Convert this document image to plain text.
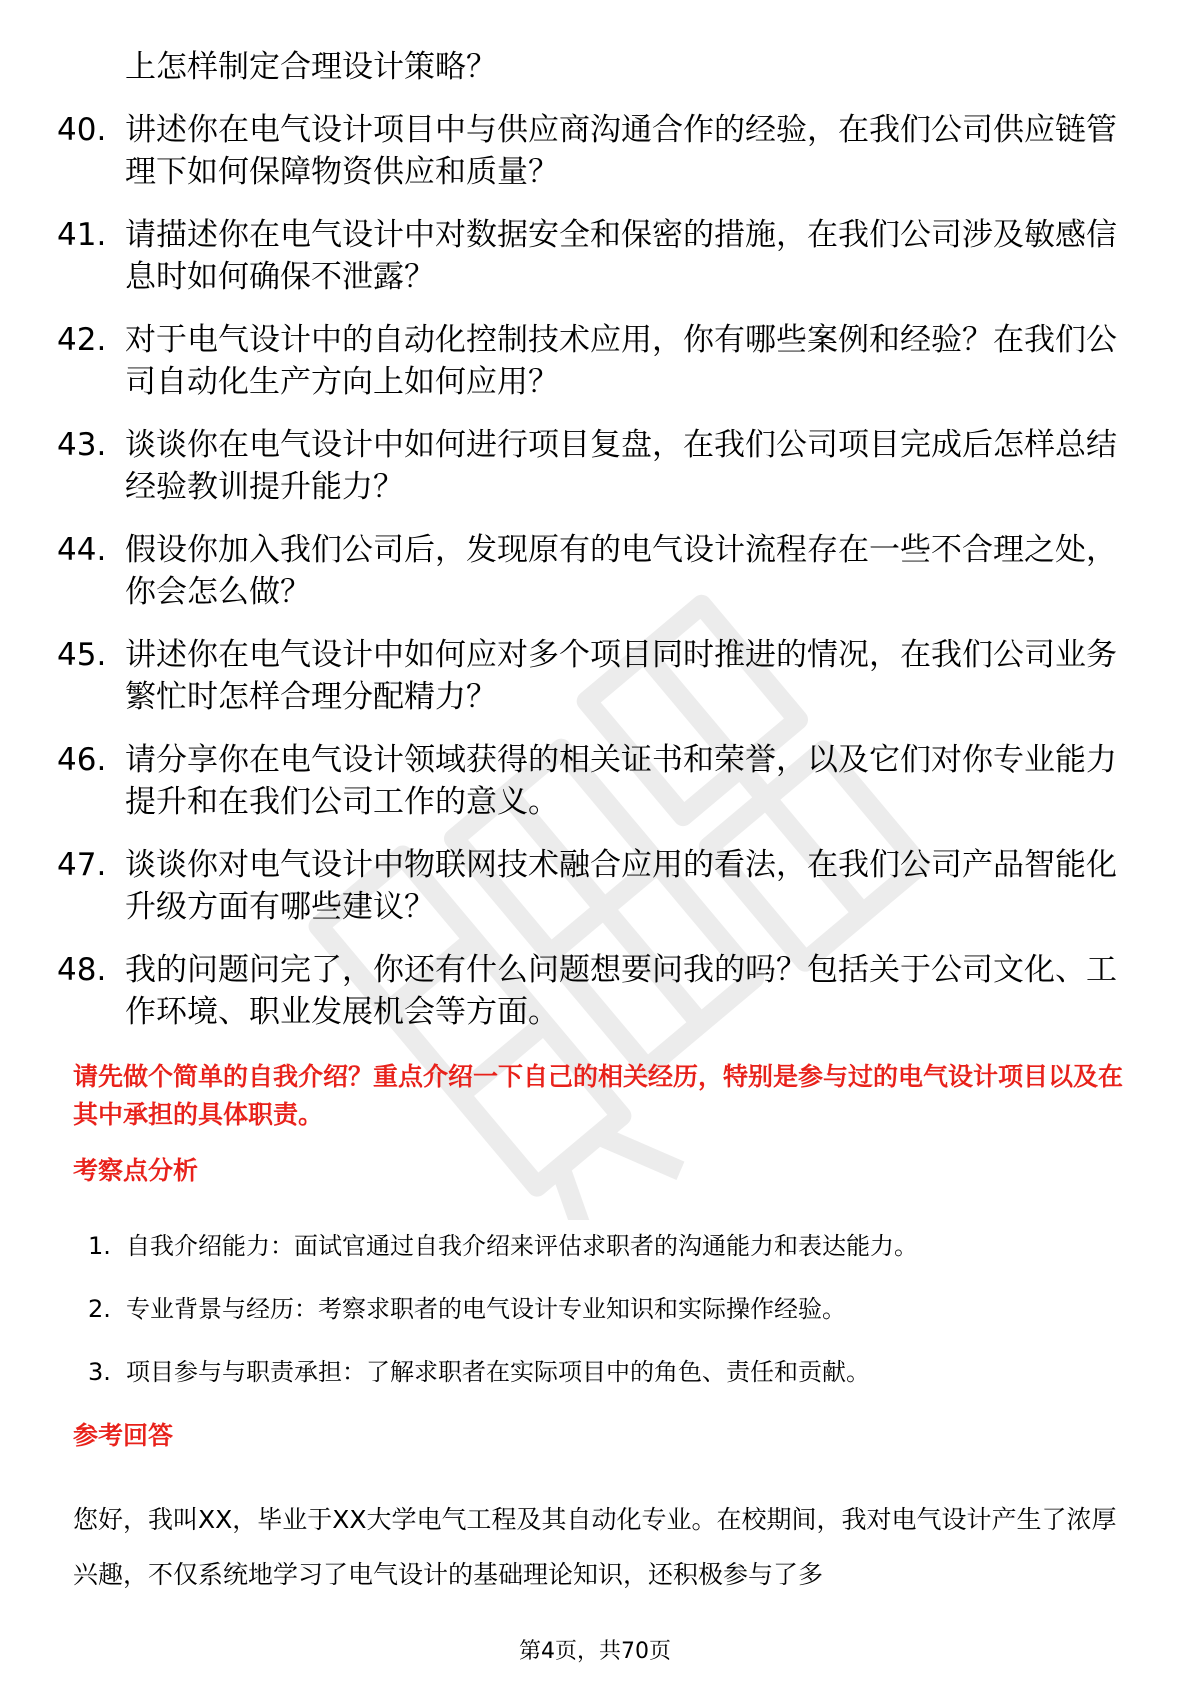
上怎样制定合理设计策略？
40. 讲述你在电气设计项目中与供应商沟通合作的经验，在我们公司供应链管理下如何保障物资供应和质量？
41. 请描述你在电气设计中对数据安全和保密的措施，在我们公司涉及敏感信息时如何确保不泄露？
42. 对于电气设计中的自动化控制技术应用，你有哪些案例和经验？在我们公司自动化生产方向上如何应用？
43. 谈谈你在电气设计中如何进行项目复盘，在我们公司项目完成后怎样总结经验教训提升能力？
44. 假设你加入我们公司后，发现原有的电气设计流程存在一些不合理之处，你会怎么做？
45. 讲述你在电气设计中如何应对多个项目同时推进的情况，在我们公司业务繁忙时怎样合理分配精力？
46. 请分享你在电气设计领域获得的相关证书和荣誉，以及它们对你专业能力提升和在我们公司工作的意义。
47. 谈谈你对电气设计中物联网技术融合应用的看法，在我们公司产品智能化升级方面有哪些建议？
48. 我的问题问完了，你还有什么问题想要问我的吗？包括关于公司文化、工作环境、职业发展机会等方面。
请先做个简单的自我介绍？重点介绍一下自己的相关经历，特别是参与过的电气设计项目以及在其中承担的具体职责。
考察点分析
1. 自我介绍能力：面试官通过自我介绍来评估求职者的沟通能力和表达能力。
2. 专业背景与经历：考察求职者的电气设计专业知识和实际操作经验。
3. 项目参与与职责承担：了解求职者在实际项目中的角色、责任和贡献。
参考回答
您好，我叫XX，毕业于XX大学电气工程及其自动化专业。在校期间，我对电气设计产生了浓厚兴趣，不仅系统地学习了电气设计的基础理论知识，还积极参与了多
第4页，共70页
